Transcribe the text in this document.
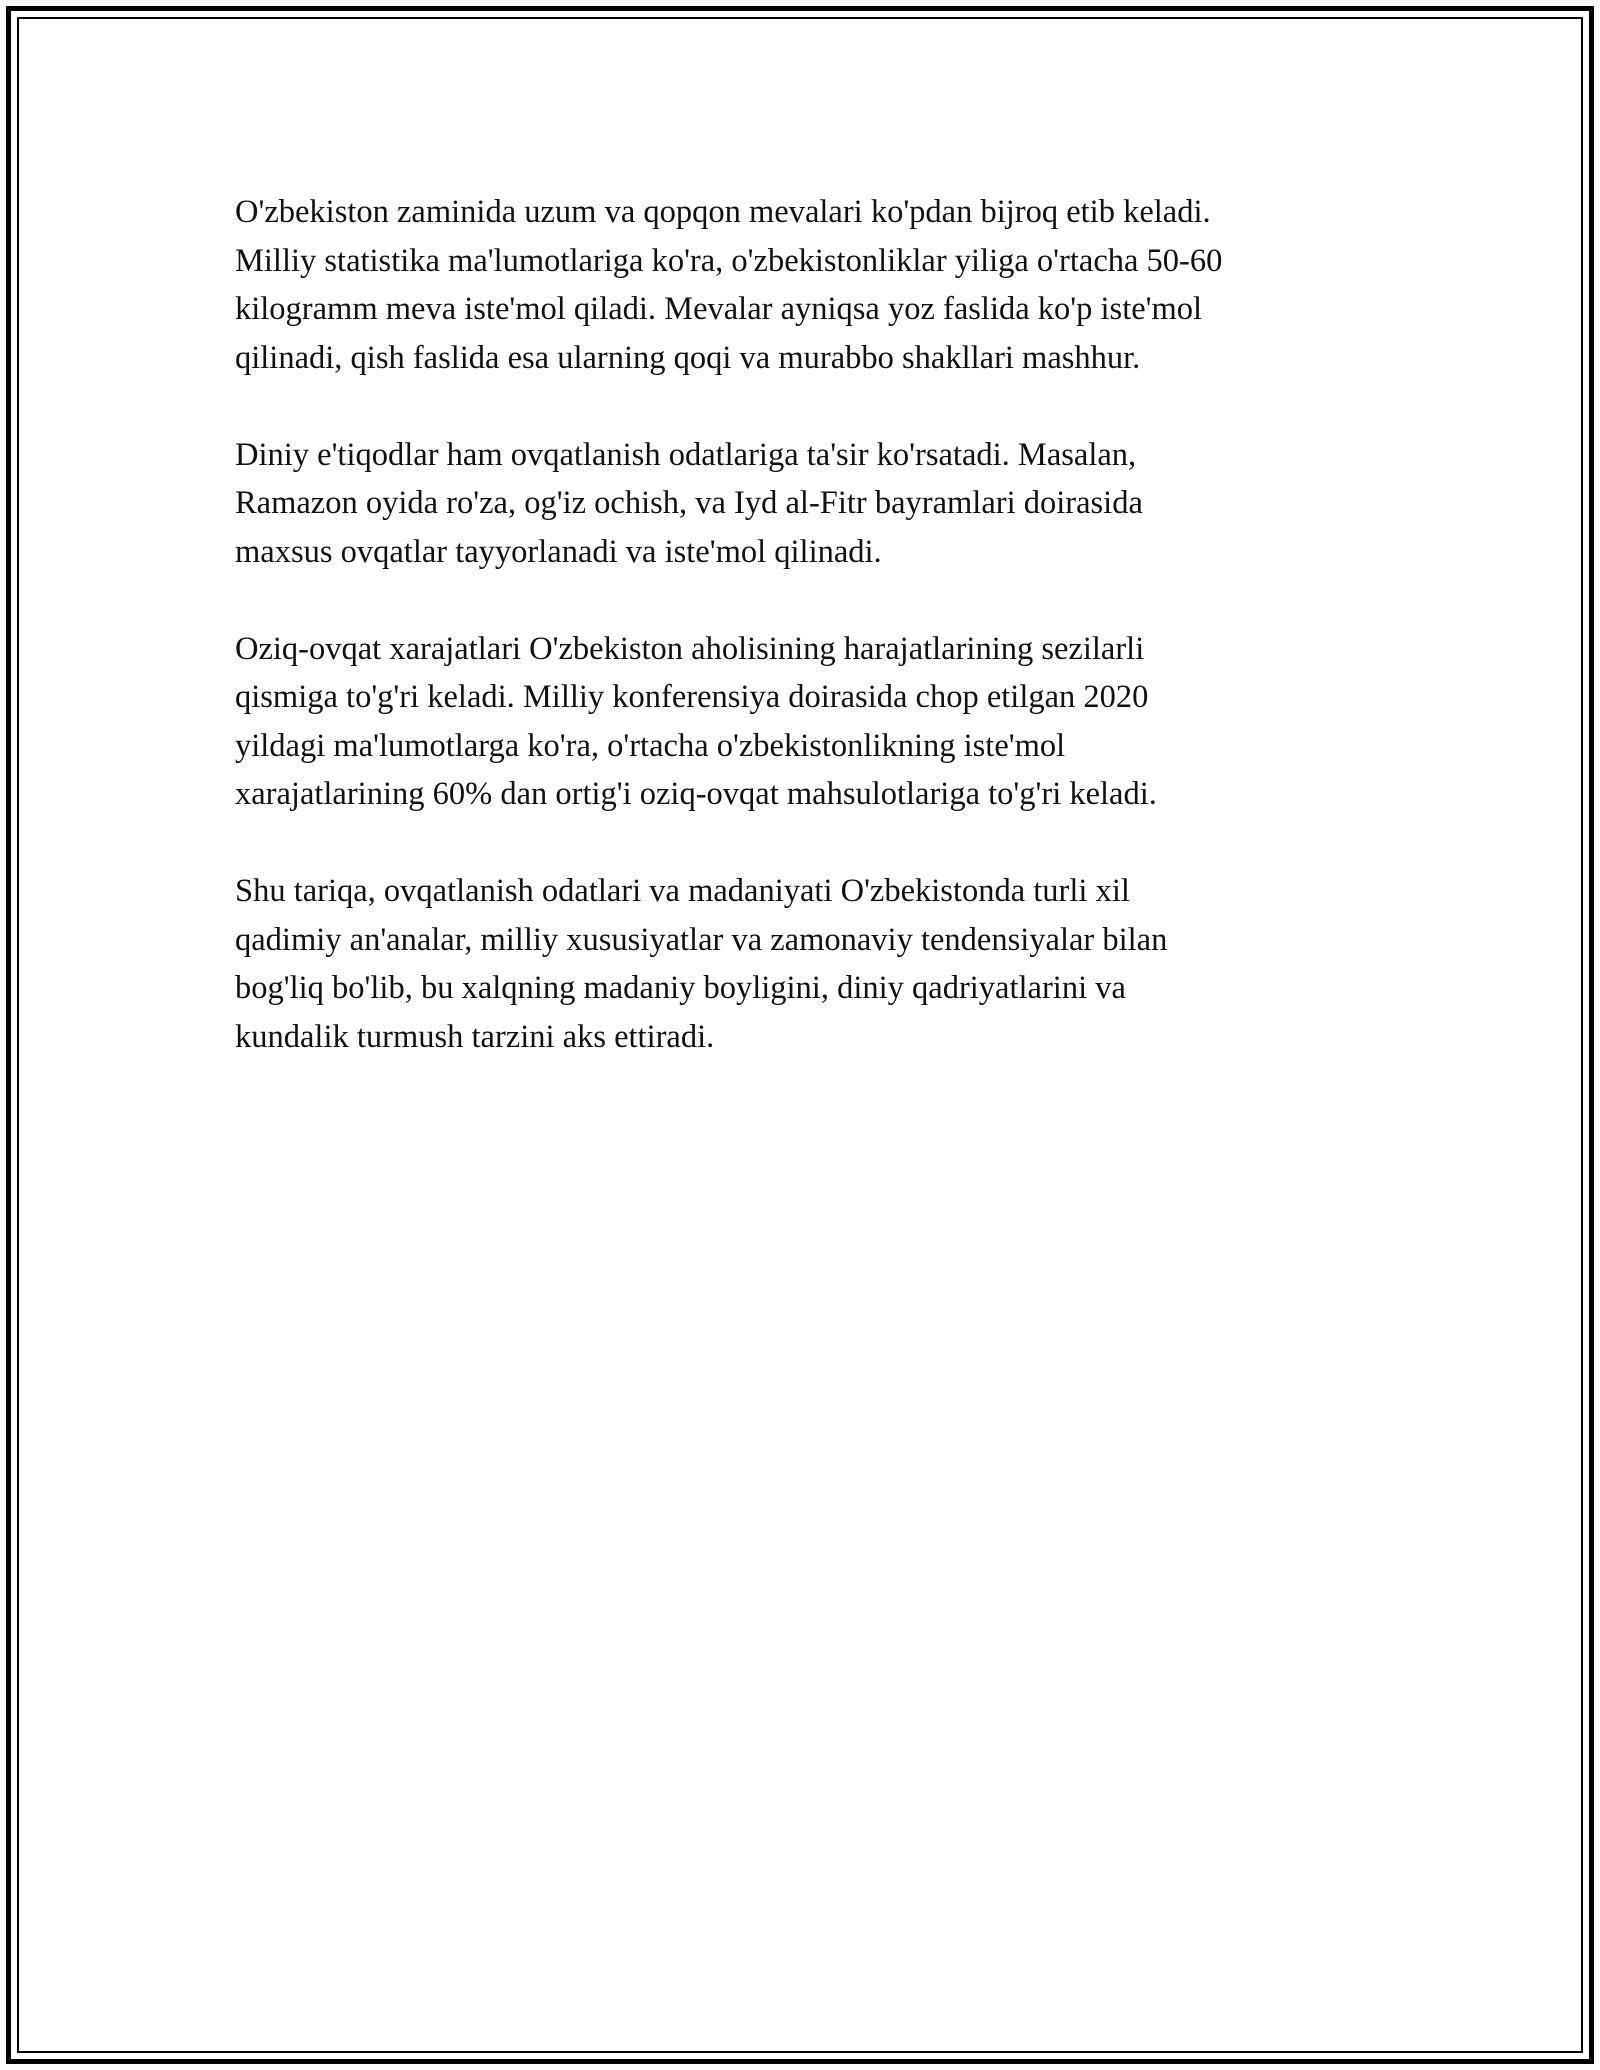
O'zbekiston zaminida uzum va qopqon mevalari ko'pdan bijroq etib keladi.
Milliy statistika ma'lumotlariga ko'ra, o'zbekistonliklar yiliga o'rtacha 50-60
kilogramm meva iste'mol qiladi. Mevalar ayniqsa yoz faslida ko'p iste'mol
qilinadi, qish faslida esa ularning qoqi va murabbo shakllari mashhur.

Diniy e'tiqodlar ham ovqatlanish odatlariga ta'sir ko'rsatadi. Masalan,
Ramazon oyida ro'za, og'iz ochish, va Iyd al-Fitr bayramlari doirasida
maxsus ovqatlar tayyorlanadi va iste'mol qilinadi.

Oziq-ovqat xarajatlari O'zbekiston aholisining harajatlarining sezilarli
qismiga to'g'ri keladi. Milliy konferensiya doirasida chop etilgan 2020
yildagi ma'lumotlarga ko'ra, o'rtacha o'zbekistonlikning iste'mol
xarajatlarining 60% dan ortig'i oziq-ovqat mahsulotlariga to'g'ri keladi.

Shu tariqa, ovqatlanish odatlari va madaniyati O'zbekistonda turli xil
qadimiy an'analar, milliy xususiyatlar va zamonaviy tendensiyalar bilan
bog'liq bo'lib, bu xalqning madaniy boyligini, diniy qadriyatlarini va
kundalik turmush tarzini aks ettiradi.
